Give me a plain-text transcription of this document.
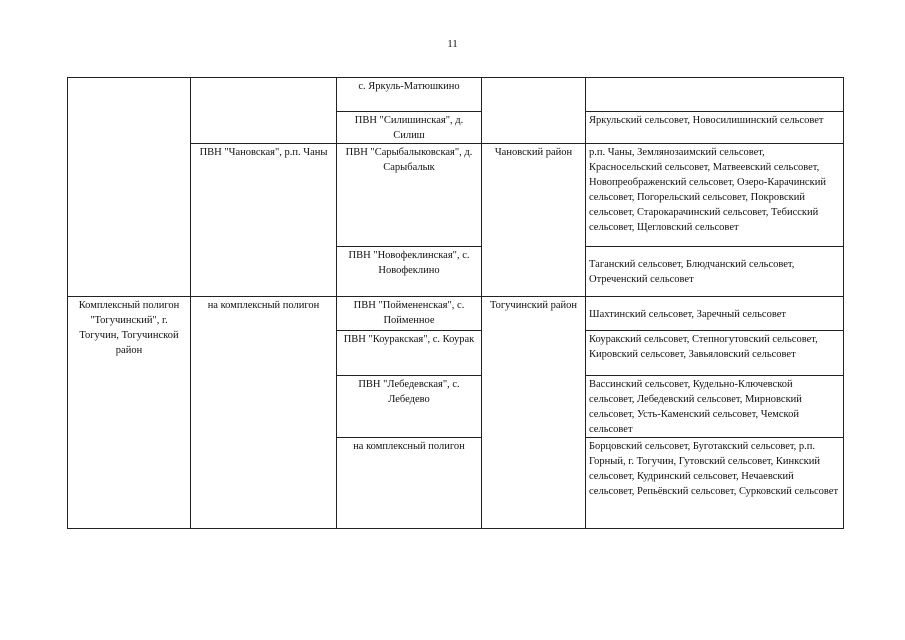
11
		с. Яркуль-Матюшкино		
		ПВН "Силишинская", д. Силиш		Яркульский сельсовет, Новосилишинский сельсовет
	ПВН "Чановская", р.п. Чаны	ПВН "Сарыбалыковская", д. Сарыбалык	Чановский район	р.п. Чаны, Землянозаимский сельсовет, Красносельский сельсовет, Матвеевский сельсовет, Новопреображенский сельсовет, Озеро-Карачинский сельсовет, Погорельский сельсовет, Покровский сельсовет, Старокарачинский сельсовет, Тебисский сельсовет, Щегловский сельсовет
		ПВН "Новофеклинская", с. Новофеклино		Таганский сельсовет, Блюдчанский сельсовет, Отреченский сельсовет
Комплексный полигон "Тогучинский", г. Тогучин, Тогучинской район	на комплексный полигон	ПВН "Поймененская", с. Пойменное	Тогучинский район	Шахтинский сельсовет, Заречный сельсовет
		ПВН "Коуракская", с. Коурак		Коуракский сельсовет, Степногутовский сельсовет, Кировский сельсовет, Завьяловский сельсовет
		ПВН "Лебедевская", с. Лебедево		Вассинский сельсовет, Кудельно-Ключевской сельсовет, Лебедевский сельсовет, Мирновский сельсовет, Усть-Каменский сельсовет, Чемской сельсовет
		на комплексный полигон		Борцовский сельсовет, Буготакский сельсовет, р.п. Горный, г. Тогучин, Гутовский сельсовет, Кинкский сельсовет, Кудринский сельсовет, Нечаевский сельсовет, Репьёвский сельсовет, Сурковский сельсовет
